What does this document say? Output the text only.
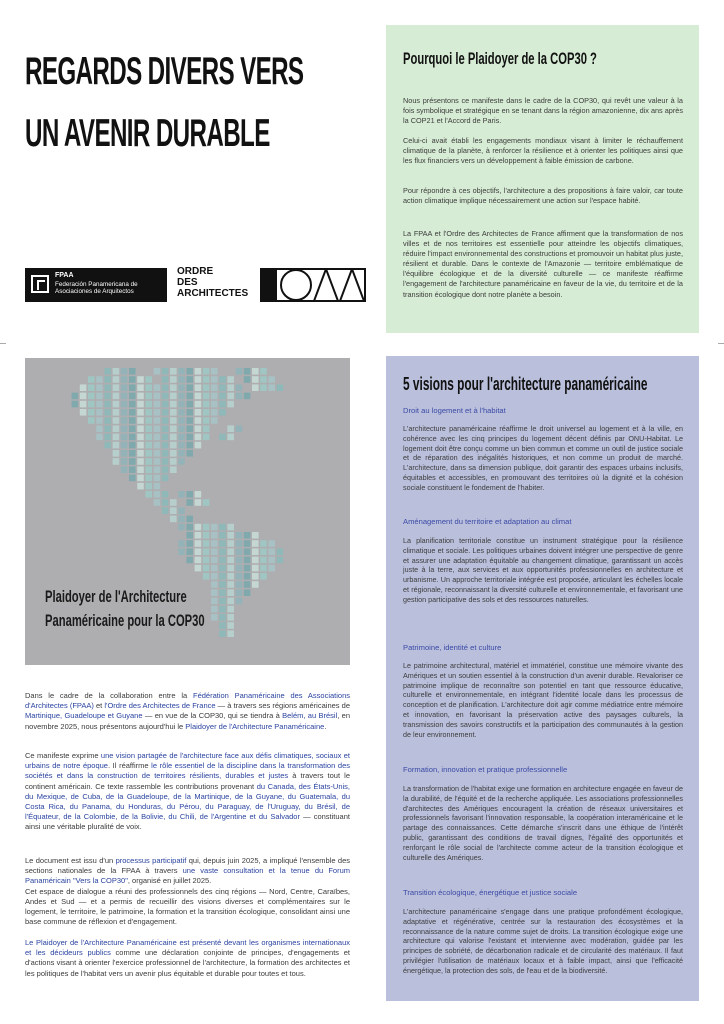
REGARDS DIVERS VERS
UN AVENIR DURABLE
FPAA
Federación Panamericana de Asociaciones de Arquitectos
ORDRE
DES
ARCHITECTES
Pourquoi le Plaidoyer de la COP30 ?
Nous présentons ce manifeste dans le cadre de la COP30, qui revêt une valeur à la fois symbolique et stratégique en se tenant dans la région amazonienne, dix ans après la COP21 et l'Accord de Paris.
Celui-ci avait établi les engagements mondiaux visant à limiter le réchauffement climatique de la planète, à renforcer la résilience et à orienter les politiques ainsi que les flux financiers vers un développement à faible émission de carbone.
Pour répondre à ces objectifs, l'architecture a des propositions à faire valoir, car toute action climatique implique nécessairement une action sur l'espace habité.
La FPAA et l'Ordre des Architectes de France affirment que la transformation de nos villes et de nos territoires est essentielle pour atteindre les objectifs climatiques, réduire l'impact environnemental des constructions et promouvoir un habitat plus juste, résilient et durable. Dans le contexte de l'Amazonie — territoire emblématique de l'équilibre écologique et de la diversité culturelle — ce manifeste réaffirme l'engagement de l'architecture panaméricaine en faveur de la vie, du territoire et de la transition écologique dont notre planète a besoin.
Plaidoyer de l'Architecture
Panaméricaine pour la COP30
5 visions pour l'architecture panaméricaine
Droit au logement et à l'habitat
L'architecture panaméricaine réaffirme le droit universel au logement et à la ville, en cohérence avec les cinq principes du logement décent définis par ONU-Habitat. Le logement doit être conçu comme un bien commun et comme un outil de justice sociale et de réparation des inégalités historiques, et non comme un produit de marché. L'architecture, dans sa dimension publique, doit garantir des espaces urbains inclusifs, équitables et accessibles, en promouvant des territoires où la dignité et la cohésion sociale constituent le fondement de l'habiter.
Aménagement du territoire et adaptation au climat
La planification territoriale constitue un instrument stratégique pour la résilience climatique et sociale. Les politiques urbaines doivent intégrer une perspective de genre et assurer une adaptation équitable au changement climatique, garantissant un accès juste à la terre, aux services et aux opportunités professionnelles en architecture et urbanisme. Un approche territoriale intégrée est proposée, articulant les échelles locale et régionale, reconnaissant la diversité culturelle et environnementale, et favorisant une gestion participative des sols et des ressources naturelles.
Patrimoine, identité et culture
Le patrimoine architectural, matériel et immatériel, constitue une mémoire vivante des Amériques et un soutien essentiel à la construction d'un avenir durable. Revaloriser ce patrimoine implique de reconnaître son potentiel en tant que ressource éducative, culturelle et environnementale, en intégrant l'identité locale dans les processus de conception et de planification. L'architecture doit agir comme médiatrice entre mémoire et innovation, en favorisant la préservation active des paysages culturels, la transmission des savoirs constructifs et la participation des communautés à la gestion de leur environnement.
Formation, innovation et pratique professionnelle
La transformation de l'habitat exige une formation en architecture engagée en faveur de la durabilité, de l'équité et de la recherche appliquée. Les associations professionnelles d'architectes des Amériques encouragent la création de réseaux universitaires et professionnels favorisant l'innovation responsable, la coopération interaméricaine et le partage des connaissances. Cette démarche s'inscrit dans une éthique de l'intérêt public, garantissant des conditions de travail dignes, l'égalité des opportunités et renforçant le rôle social de l'architecte comme acteur de la transition écologique et culturelle des Amériques.
Transition écologique, énergétique et justice sociale
L'architecture panaméricaine s'engage dans une pratique profondément écologique, adaptative et régénérative, centrée sur la restauration des écosystèmes et la reconnaissance de la nature comme sujet de droits. La transition écologique exige une architecture qui valorise l'existant et intervienne avec modération, guidée par les principes de sobriété, de décarbonation radicale et de circularité des matériaux. Il faut privilégier l'utilisation de matériaux locaux et à faible impact, ainsi que l'efficacité énergétique, la protection des sols, de l'eau et de la biodiversité.
Dans le cadre de la collaboration entre la Fédération Panaméricaine des Associations d'Architectes (FPAA) et l'Ordre des Architectes de France — à travers ses régions américaines de Martinique, Guadeloupe et Guyane — en vue de la COP30, qui se tiendra à Belém, au Brésil, en novembre 2025, nous présentons aujourd'hui le Plaidoyer de l'Architecture Panaméricaine.
Ce manifeste exprime une vision partagée de l'architecture face aux défis climatiques, sociaux et urbains de notre époque. Il réaffirme le rôle essentiel de la discipline dans la transformation des sociétés et dans la construction de territoires résilients, durables et justes à travers tout le continent américain. Ce texte rassemble les contributions provenant du Canada, des États-Unis, du Mexique, de Cuba, de la Guadeloupe, de la Martinique, de la Guyane, du Guatemala, du Costa Rica, du Panama, du Honduras, du Pérou, du Paraguay, de l'Uruguay, du Brésil, de l'Équateur, de la Colombie, de la Bolivie, du Chili, de l'Argentine et du Salvador — constituant ainsi une véritable pluralité de voix.
Le document est issu d'un processus participatif qui, depuis juin 2025, a impliqué l'ensemble des sections nationales de la FPAA à travers une vaste consultation et la tenue du Forum Panaméricain "Vers la COP30", organisé en juillet 2025.
Cet espace de dialogue a réuni des professionnels des cinq régions — Nord, Centre, Caraïbes, Andes et Sud — et a permis de recueillir des visions diverses et complémentaires sur le logement, le territoire, le patrimoine, la formation et la transition écologique, consolidant ainsi une base commune de réflexion et d'engagement.
Le Plaidoyer de l'Architecture Panaméricaine est présenté devant les organismes internationaux et les décideurs publics comme une déclaration conjointe de principes, d'engagements et d'actions visant à orienter l'exercice professionnel de l'architecture, la formation des architectes et les politiques de l'habitat vers un avenir plus équitable et durable pour toutes et tous.
